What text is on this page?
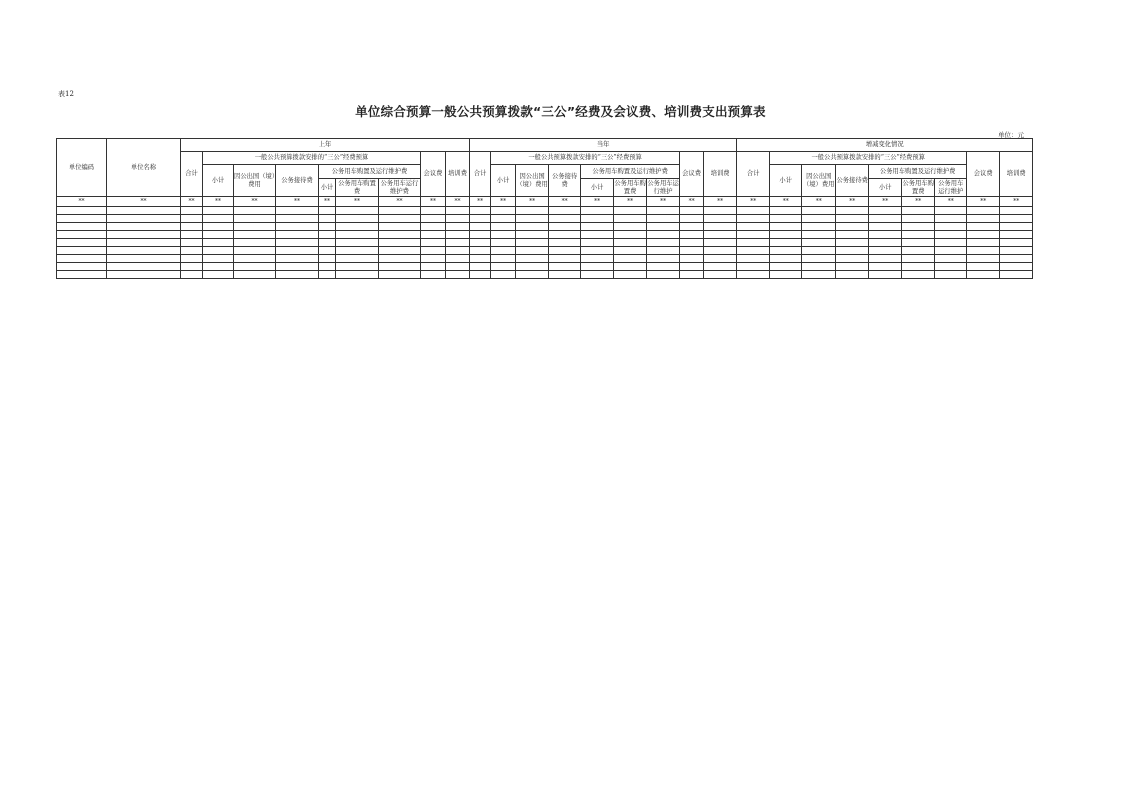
表12
单位综合预算一般公共预算拨款“三公”经费及会议费、培训费支出预算表
单位：元
单位编码	单位名称	上年									当年									增减变化情况								
		合计	一般公共预算拨款安排的“三公”经费预算						会议费	培训费	合计	一般公共预算拨款安排的“三公”经费预算						会议费	培训费	合计	一般公共预算拨款安排的“三公”经费预算						会议费	培训费
			小计	因公出国（境）费用	公务接待费	公务用车购置及运行维护费						小计	因公出国（境）费用	公务接待费	公务用车购置及运行维护费						小计	因公出国（境）费用	公务接待费	公务用车购置及运行维护费				
						小计	公务用车购置费	公务用车运行维护费							小计	公务用车购置费	公务用车运行维护							小计	公务用车购置费	公务用车运行维护		
**	**	**	**	**	**	**	**	**	**	**	**	**	**	**	**	**	**	**	**	**	**	**	**	**	**	**	**	**
